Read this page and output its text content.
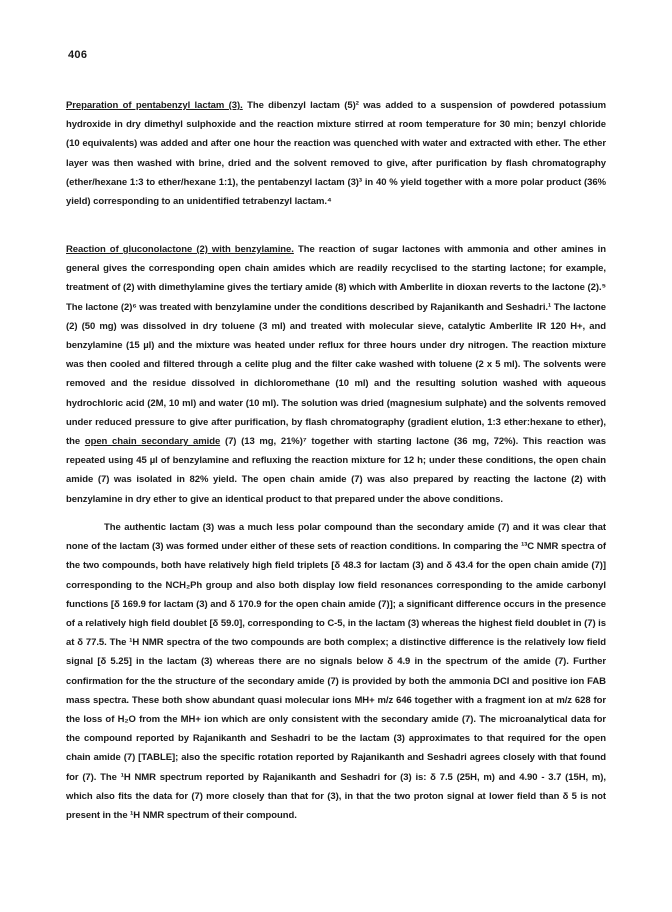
406
Preparation of pentabenzyl lactam (3). The dibenzyl lactam (5)² was added to a suspension of powdered potassium hydroxide in dry dimethyl sulphoxide and the reaction mixture stirred at room temperature for 30 min; benzyl chloride (10 equivalents) was added and after one hour the reaction was quenched with water and extracted with ether. The ether layer was then washed with brine, dried and the solvent removed to give, after purification by flash chromatography (ether/hexane 1:3 to ether/hexane 1:1), the pentabenzyl lactam (3)³ in 40 % yield together with a more polar product (36% yield) corresponding to an unidentified tetrabenzyl lactam.⁴
Reaction of gluconolactone (2) with benzylamine. The reaction of sugar lactones with ammonia and other amines in general gives the corresponding open chain amides which are readily recyclised to the starting lactone; for example, treatment of (2) with dimethylamine gives the tertiary amide (8) which with Amberlite in dioxan reverts to the lactone (2).⁵ The lactone (2)⁶ was treated with benzylamine under the conditions described by Rajanikanth and Seshadri.¹ The lactone (2) (50 mg) was dissolved in dry toluene (3 ml) and treated with molecular sieve, catalytic Amberlite IR 120 H+, and benzylamine (15 µl) and the mixture was heated under reflux for three hours under dry nitrogen. The reaction mixture was then cooled and filtered through a celite plug and the filter cake washed with toluene (2 x 5 ml). The solvents were removed and the residue dissolved in dichloromethane (10 ml) and the resulting solution washed with aqueous hydrochloric acid (2M, 10 ml) and water (10 ml). The solution was dried (magnesium sulphate) and the solvents removed under reduced pressure to give after purification, by flash chromatography (gradient elution, 1:3 ether:hexane to ether), the open chain secondary amide (7) (13 mg, 21%)⁷ together with starting lactone (36 mg, 72%). This reaction was repeated using 45 µl of benzylamine and refluxing the reaction mixture for 12 h; under these conditions, the open chain amide (7) was isolated in 82% yield. The open chain amide (7) was also prepared by reacting the lactone (2) with benzylamine in dry ether to give an identical product to that prepared under the above conditions.
The authentic lactam (3) was a much less polar compound than the secondary amide (7) and it was clear that none of the lactam (3) was formed under either of these sets of reaction conditions. In comparing the ¹³C NMR spectra of the two compounds, both have relatively high field triplets [δ 48.3 for lactam (3) and δ 43.4 for the open chain amide (7)] corresponding to the NCH₂Ph group and also both display low field resonances corresponding to the amide carbonyl functions [δ 169.9 for lactam (3) and δ 170.9 for the open chain amide (7)]; a significant difference occurs in the presence of a relatively high field doublet [δ 59.0], corresponding to C-5, in the lactam (3) whereas the highest field doublet in (7) is at δ 77.5. The ¹H NMR spectra of the two compounds are both complex; a distinctive difference is the relatively low field signal [δ 5.25] in the lactam (3) whereas there are no signals below δ 4.9 in the spectrum of the amide (7). Further confirmation for the the structure of the secondary amide (7) is provided by both the ammonia DCI and positive ion FAB mass spectra. These both show abundant quasi molecular ions MH+ m/z 646 together with a fragment ion at m/z 628 for the loss of H₂O from the MH+ ion which are only consistent with the secondary amide (7). The microanalytical data for the compound reported by Rajanikanth and Seshadri to be the lactam (3) approximates to that required for the open chain amide (7) [TABLE]; also the specific rotation reported by Rajanikanth and Seshadri agrees closely with that found for (7). The ¹H NMR spectrum reported by Rajanikanth and Seshadri for (3) is: δ 7.5 (25H, m) and 4.90 - 3.7 (15H, m), which also fits the data for (7) more closely than that for (3), in that the two proton signal at lower field than δ 5 is not present in the ¹H NMR spectrum of their compound.
